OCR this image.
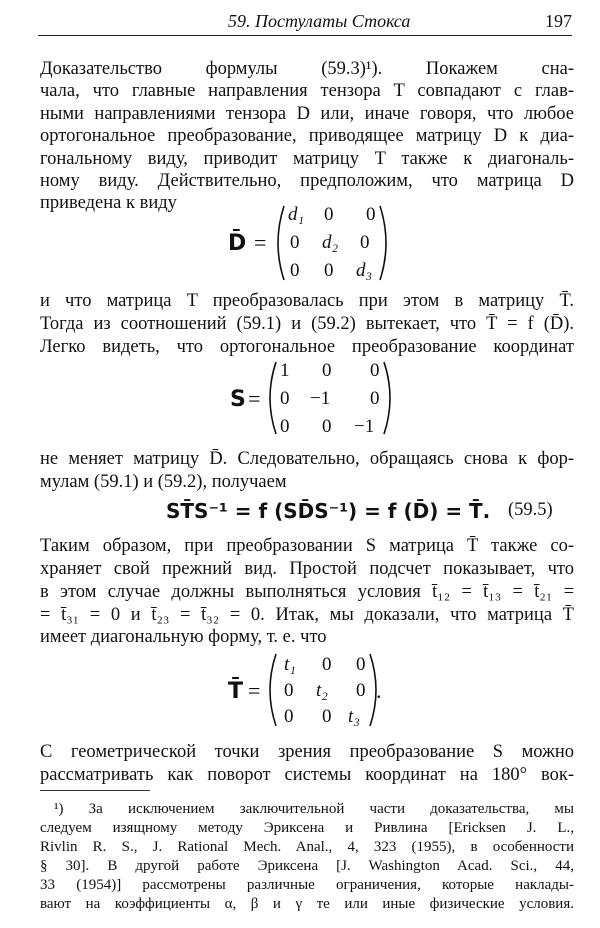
59. Постулаты Стокса	197
Доказательство формулы (59.3)¹). Покажем сна-
чала, что главные направления тензора T совпадают с глав-
ными направлениями тензора D или, иначе говоря, что любое
ортогональное преобразование, приводящее матрицу D к диа-
гональному виду, приводит матрицу T также к диагональ-
ному виду. Действительно, предположим, что матрица D
приведена к виду
D̄ =
d₁ 0 0
0 d₂ 0
0 0 d₃
и что матрица T преобразовалась при этом в матрицу T̄.
Тогда из соотношений (59.1) и (59.2) вытекает, что T̄ = f (D̄).
Легко видеть, что ортогональное преобразование координат
S =
1 0 0
0 −1 0
0 0 −1
не меняет матрицу D̄. Следовательно, обращаясь снова к фор-
мулам (59.1) и (59.2), получаем
ST̄S⁻¹ = f (SD̄S⁻¹) = f (D̄) = T̄. (59.5)
Таким образом, при преобразовании S матрица T̄ также со-
храняет свой прежний вид. Простой подсчет показывает, что
в этом случае должны выполняться условия t̄₁₂ = t̄₁₃ = t̄₂₁ =
= t̄₃₁ = 0 и t̄₂₃ = t̄₃₂ = 0. Итак, мы доказали, что матрица T̄
имеет диагональную форму, т. е. что
T̄ =
t₁ 0 0
0 t₂ 0
0 0 t₃
.
С геометрической точки зрения преобразование S можно
рассматривать как поворот системы координат на 180° вок-
¹) За исключением заключительной части доказательства, мы
следуем изящному методу Эриксена и Ривлина [Ericksen J. L.,
Rivlin R. S., J. Rational Mech. Anal., 4, 323 (1955), в особенности
§ 30]. В другой работе Эриксена [J. Washington Acad. Sci., 44,
33 (1954)] рассмотрены различные ограничения, которые наклады-
вают на коэффициенты α, β и γ те или иные физические условия.
